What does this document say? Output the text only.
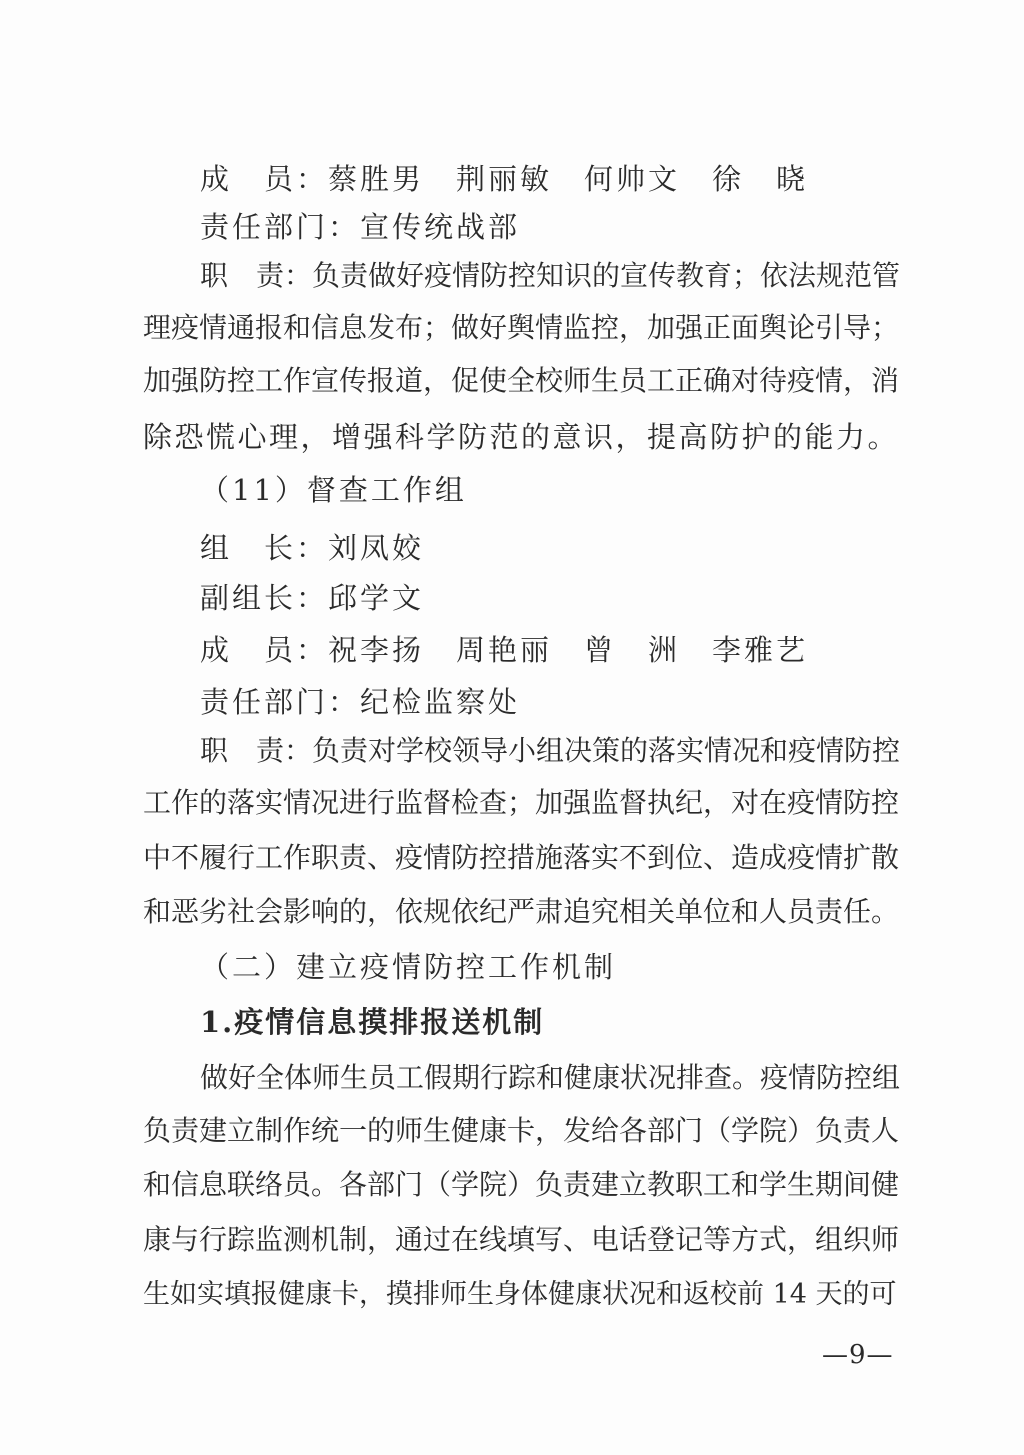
成　员：蔡胜男　荆丽敏　何帅文　徐　晓
责任部门：宣传统战部
职　责：负责做好疫情防控知识的宣传教育；依法规范管
理疫情通报和信息发布；做好舆情监控，加强正面舆论引导；
加强防控工作宣传报道，促使全校师生员工正确对待疫情，消
除恐慌心理，增强科学防范的意识，提高防护的能力。
（11）督查工作组
组　长：刘凤姣
副组长：邱学文
成　员：祝李扬　周艳丽　曾　洲　李雅艺
责任部门：纪检监察处
职　责：负责对学校领导小组决策的落实情况和疫情防控
工作的落实情况进行监督检查；加强监督执纪，对在疫情防控
中不履行工作职责、疫情防控措施落实不到位、造成疫情扩散
和恶劣社会影响的，依规依纪严肃追究相关单位和人员责任。
（二）建立疫情防控工作机制
1.疫情信息摸排报送机制
做好全体师生员工假期行踪和健康状况排查。疫情防控组
负责建立制作统一的师生健康卡，发给各部门（学院）负责人
和信息联络员。各部门（学院）负责建立教职工和学生期间健
康与行踪监测机制，通过在线填写、电话登记等方式，组织师
生如实填报健康卡，摸排师生身体健康状况和返校前 14 天的可
—9—
